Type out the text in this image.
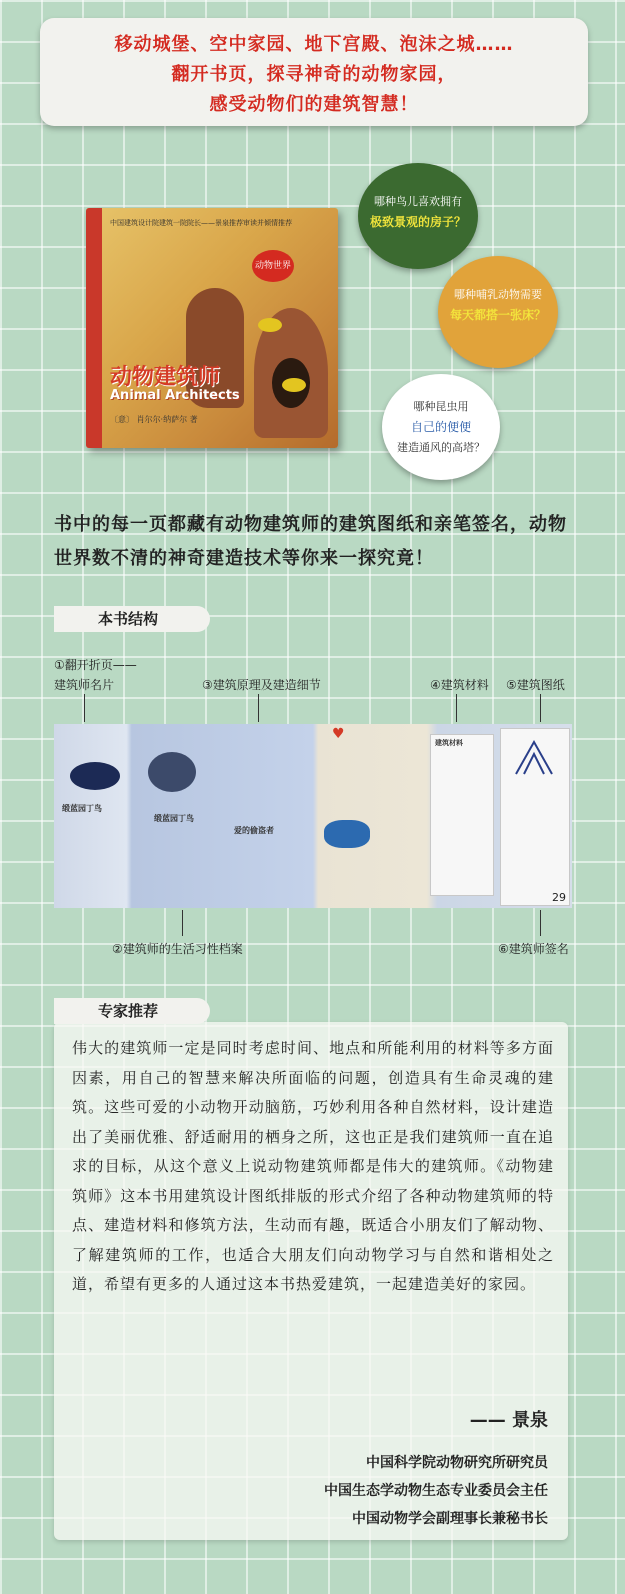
移动城堡、空中家园、地下宫殿、泡沫之城……
翻开书页，探寻神奇的动物家园，
感受动物们的建筑智慧！
中国建筑设计院建筑一院院长——景泉推荐审读并倾情推荐
动物世界
动物建筑师
Animal Architects
〔意〕 肖尔尔·纳萨尔 著
哪种鸟儿喜欢拥有
极致景观的房子？
哪种哺乳动物需要
每天都搭一张床？
哪种昆虫用
自己的便便
建造通风的高塔？
书中的每一页都藏有动物建筑师的建筑图纸和亲笔签名，动物世界数不清的神奇建造技术等你来一探究竟！
本书结构
①翻开折页——
建筑师名片	③建筑原理及建造细节	④建筑材料 ⑤建筑图纸
缎蓝园丁鸟
缎蓝园丁鸟
爱的偷盗者
♥
建筑材料
29
②建筑师的生活习性档案	⑥建筑师签名
伟大的建筑师一定是同时考虑时间、地点和所能利用的材料等多方面因素，用自己的智慧来解决所面临的问题，创造具有生命灵魂的建筑。这些可爱的小动物开动脑筋，巧妙利用各种自然材料，设计建造出了美丽优雅、舒适耐用的栖身之所，这也正是我们建筑师一直在追求的目标，从这个意义上说动物建筑师都是伟大的建筑师。《动物建筑师》这本书用建筑设计图纸排版的形式介绍了各种动物建筑师的特点、建造材料和修筑方法，生动而有趣，既适合小朋友们了解动物、了解建筑师的工作，也适合大朋友们向动物学习与自然和谐相处之道，希望有更多的人通过这本书热爱建筑，一起建造美好的家园。
—— 景泉
中国科学院动物研究所研究员
中国生态学动物生态专业委员会主任
中国动物学会副理事长兼秘书长
专家推荐
